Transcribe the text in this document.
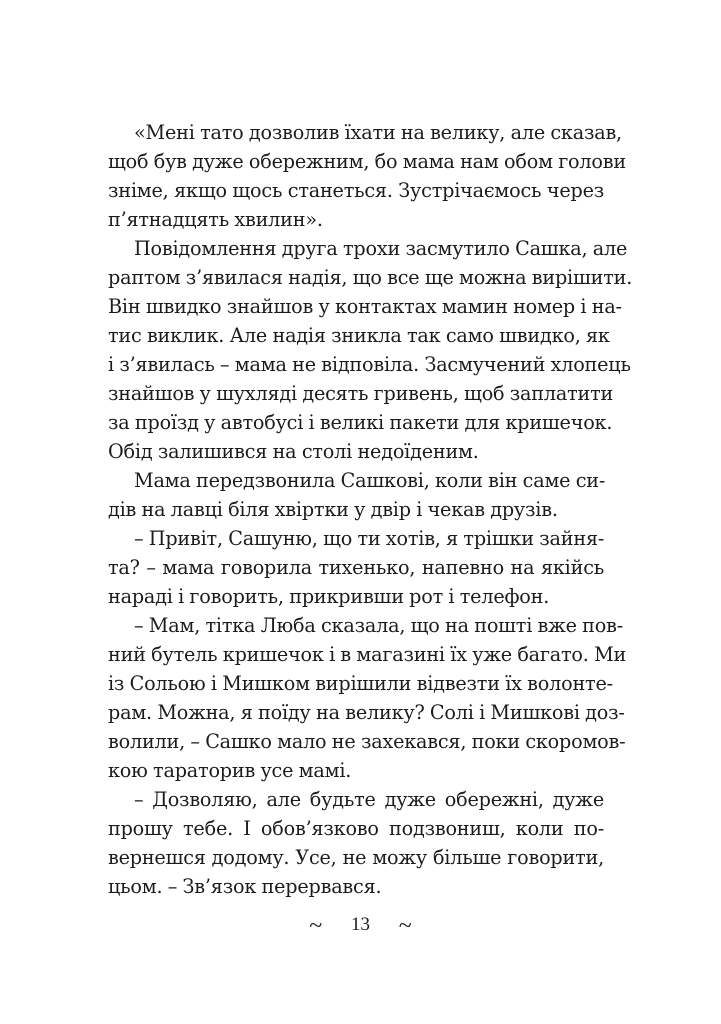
«Мені тато дозволив їхати на велику, але сказав,
щоб був дуже обережним, бо мама нам обом голови
зніме, якщо щось станеться. Зустрічаємось через
п’ятнадцять хвилин».
Повідомлення друга трохи засмутило Сашка, але
раптом з’явилася надія, що все ще можна вирішити.
Він швидко знайшов у контактах мамин номер і на-
тис виклик. Але надія зникла так само швидко, як
і з’явилась – мама не відповіла. Засмучений хлопець
знайшов у шухляді десять гривень, щоб заплатити
за проїзд у автобусі і великі пакети для кришечок.
Обід залишився на столі недоїденим.
Мама передзвонила Сашкові, коли він саме си-
дів на лавці біля хвіртки у двір і чекав друзів.
– Привіт, Сашуню, що ти хотів, я трішки зайня-
та? – мама говорила тихенько, напевно на якійсь
нараді і говорить, прикривши рот і телефон.
– Мам, тітка Люба сказала, що на пошті вже пов-
ний бутель кришечок і в магазині їх уже багато. Ми
із Сольою і Мишком вирішили відвезти їх волонте-
рам. Можна, я поїду на велику? Солі і Мишкові доз-
волили, – Сашко мало не захекався, поки скоромов-
кою тараторив усе мамі.
– Дозволяю, але будьте дуже обережні, дуже
прошу тебе. І обов’язково подзвониш, коли по-
вернешся додому. Усе, не можу більше говорити,
цьом. – Зв’язок перервався.
~ 13 ~
